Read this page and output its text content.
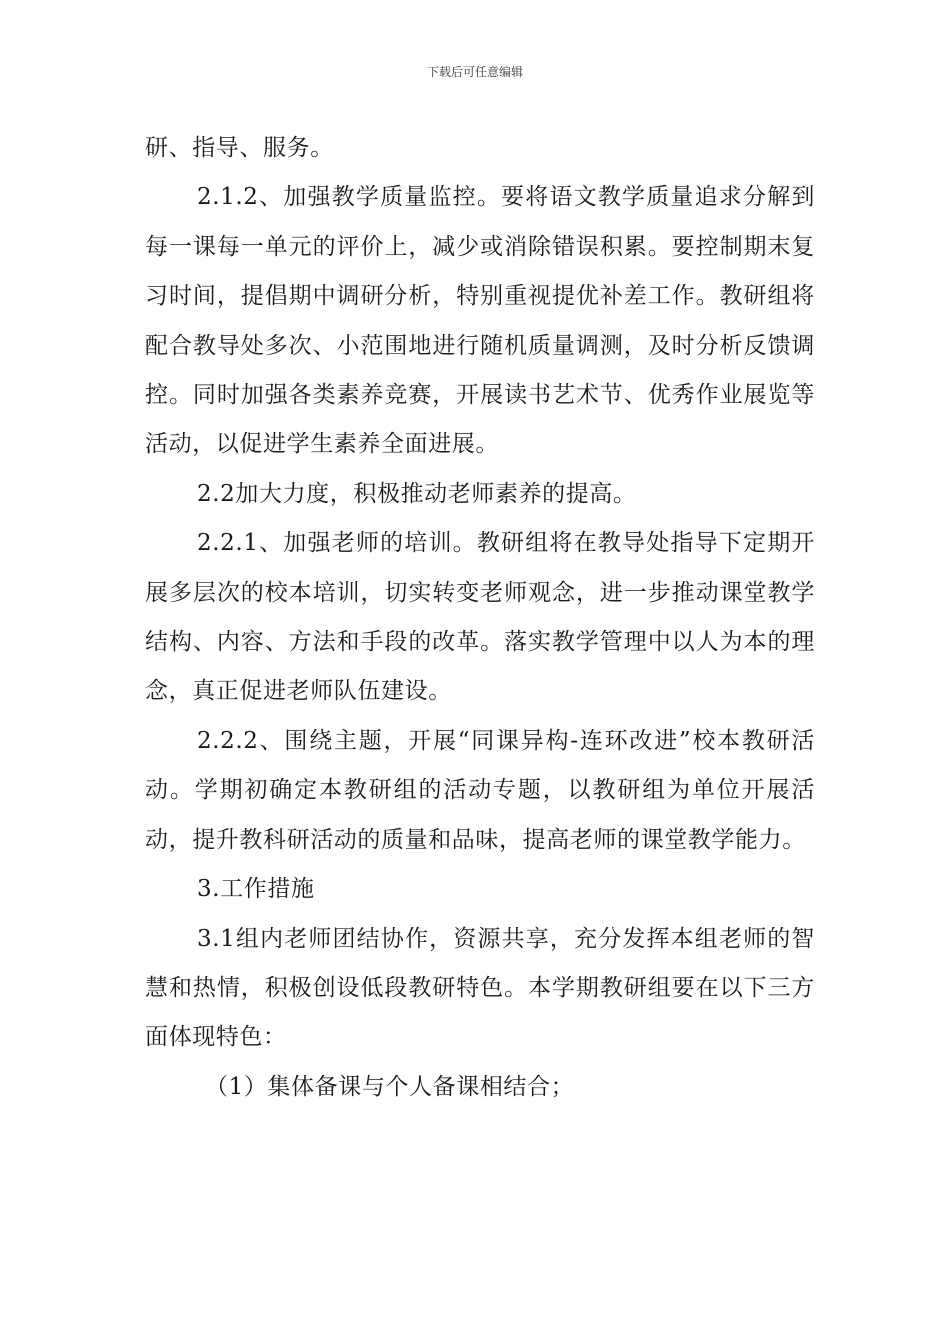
下载后可任意编辑

研、指导、服务。

2.1.2、加强教学质量监控。要将语文教学质量追求分解到每一课每一单元的评价上，减少或消除错误积累。要控制期末复习时间，提倡期中调研分析，特别重视提优补差工作。教研组将配合教导处多次、小范围地进行随机质量调测，及时分析反馈调控。同时加强各类素养竞赛，开展读书艺术节、优秀作业展览等活动，以促进学生素养全面进展。

2.2加大力度，积极推动老师素养的提高。

2.2.1、加强老师的培训。教研组将在教导处指导下定期开展多层次的校本培训，切实转变老师观念，进一步推动课堂教学结构、内容、方法和手段的改革。落实教学管理中以人为本的理念，真正促进老师队伍建设。

2.2.2、围绕主题，开展“同课异构-连环改进”校本教研活动。学期初确定本教研组的活动专题，以教研组为单位开展活动，提升教科研活动的质量和品味，提高老师的课堂教学能力。

3.工作措施

3.1组内老师团结协作，资源共享，充分发挥本组老师的智慧和热情，积极创设低段教研特色。本学期教研组要在以下三方面体现特色：

（1）集体备课与个人备课相结合；
